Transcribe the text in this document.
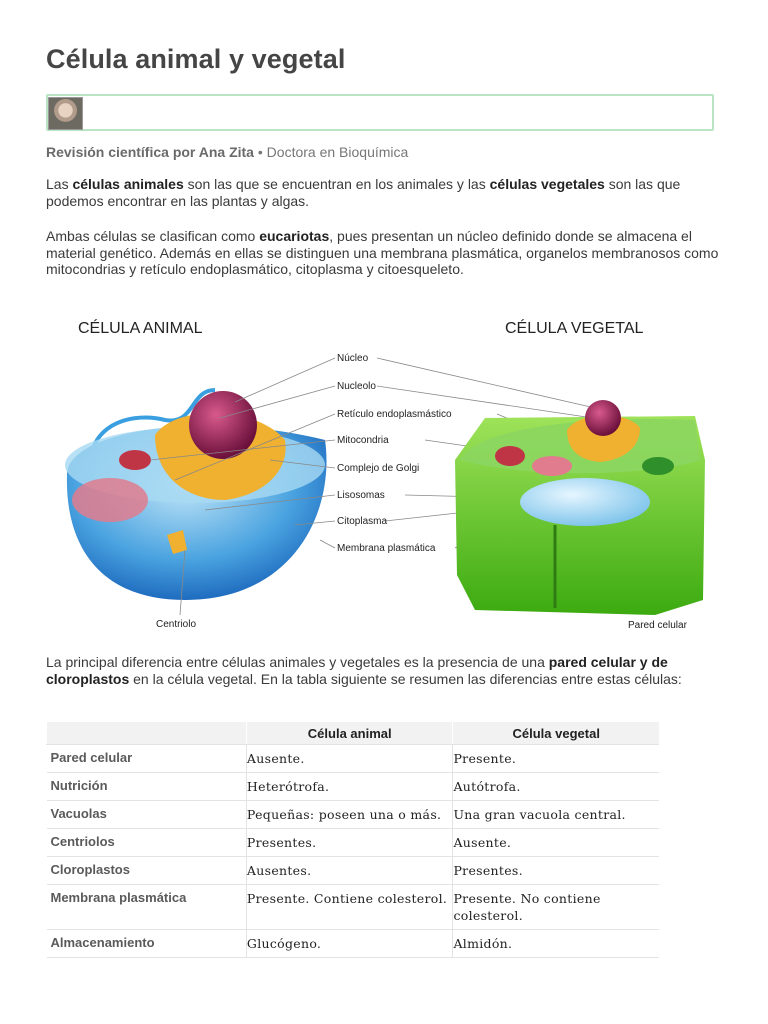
Célula animal y vegetal
Revisión científica por Ana Zita • Doctora en Bioquímica

Las células animales son las que se encuentran en los animales y las células vegetales son las que podemos encontrar en las plantas y algas.

Ambas células se clasifican como eucariotas, pues presentan un núcleo definido donde se almacena el material genético. Además en ellas se distinguen una membrana plasmática, organelos membranosos como mitocondrias y retículo endoplasmático, citoplasma y citoesqueleto.

La principal diferencia entre células animales y vegetales es la presencia de una pared celular y de cloroplastos en la célula vegetal. En la tabla siguiente se resumen las diferencias entre estas células:

	Célula animal	Célula vegetal
Pared celular	Ausente.	Presente.
Nutrición	Heterótrofa.	Autótrofa.
Vacuolas	Pequeñas: poseen una o más.	Una gran vacuola central.
Centriolos	Presentes.	Ausente.
Cloroplastos	Ausentes.	Presentes.
Membrana plasmática	Presente. Contiene colesterol.	Presente. No contiene colesterol.
Almacenamiento	Glucógeno.	Almidón.
CÉLULA ANIMAL	CÉLULA VEGETAL
Núcleo
Nucleolo
Retículo endoplasmástico
Mitocondria
Complejo de Golgi
Lisosomas
Citoplasma
Membrana plasmática
Centriolo	Pared celular
